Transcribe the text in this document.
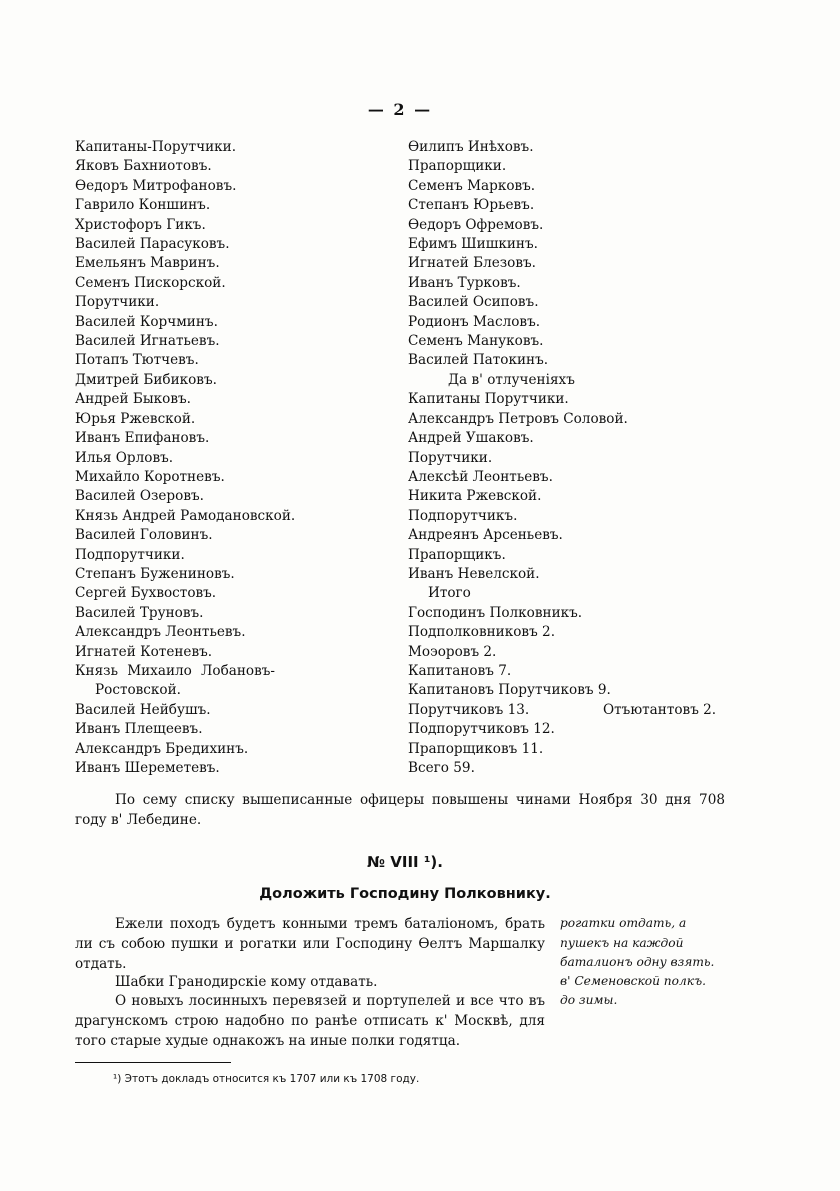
— 2 —
Капитаны-Порутчики.
Яковъ Бахниотовъ.
Ѳедоръ Митрофановъ.
Гаврило Коншинъ.
Христофоръ Гикъ.
Василей Парасуковъ.
Емельянъ Мавринъ.
Семенъ Пискорской.
Порутчики.
Василей Корчминъ.
Василей Игнатьевъ.
Потапъ Тютчевъ.
Дмитрей Бибиковъ.
Андрей Быковъ.
Юрья Ржевской.
Иванъ Епифановъ.
Илья Орловъ.
Михайло Коротневъ.
Василей Озеровъ.
Князь Андрей Рамодановской.
Василей Головинъ.
Подпорутчики.
Степанъ Бужениновъ.
Сергей Бухвостовъ.
Василей Труновъ.
Александръ Леонтьевъ.
Игнатей Котеневъ.
Князь Михаило Лобановъ-
Ростовской.
Василей Нейбушъ.
Иванъ Плещеевъ.
Александръ Бредихинъ.
Иванъ Шереметевъ.
Ѳилипъ Инѣховъ.
Прапорщики.
Семенъ Марковъ.
Степанъ Юрьевъ.
Ѳедоръ Офремовъ.
Ефимъ Шишкинъ.
Игнатей Блезовъ.
Иванъ Турковъ.
Василей Осиповъ.
Родионъ Масловъ.
Семенъ Мануковъ.
Василей Патокинъ.
Да в' отлученіяхъ
Капитаны Порутчики.
Александръ Петровъ Соловой.
Андрей Ушаковъ.
Порутчики.
Алексѣй Леонтьевъ.
Никита Ржевской.
Подпорутчикъ.
Андреянъ Арсеньевъ.
Прапорщикъ.
Иванъ Невелской.
Итого
Господинъ Полковникъ.
Подполковниковъ 2.
Моэоровъ 2.
Капитановъ 7.
Капитановъ Порутчиковъ 9.
Порутчиковъ 13.	Отъютантовъ 2.
Подпорутчиковъ 12.
Прапорщиковъ 11.
Всего 59.
По сему списку вышеписанные офицеры повышены чинами Ноября 30 дня 708 году в' Лебедине.
№ VIII ¹).
Доложить Господину Полковнику.
Ежели походъ будетъ конными тремъ баталіономъ, брать ли съ собою пушки и рогатки или Господину Ѳелтъ Маршалку отдать.
Шабки Гранодирскіе кому отдавать.
О новыхъ лосинныхъ перевязей и портупелей и все что въ драгунскомъ строю надобно по ранѣе отписать к' Москвѣ, для того старые худые однакожъ на иные полки годятца.
рогатки отдать, а пушекъ на каждой баталионъ одну взять.
в' Семеновской полкъ.
до зимы.
¹) Этотъ докладъ относится къ 1707 или къ 1708 году.
